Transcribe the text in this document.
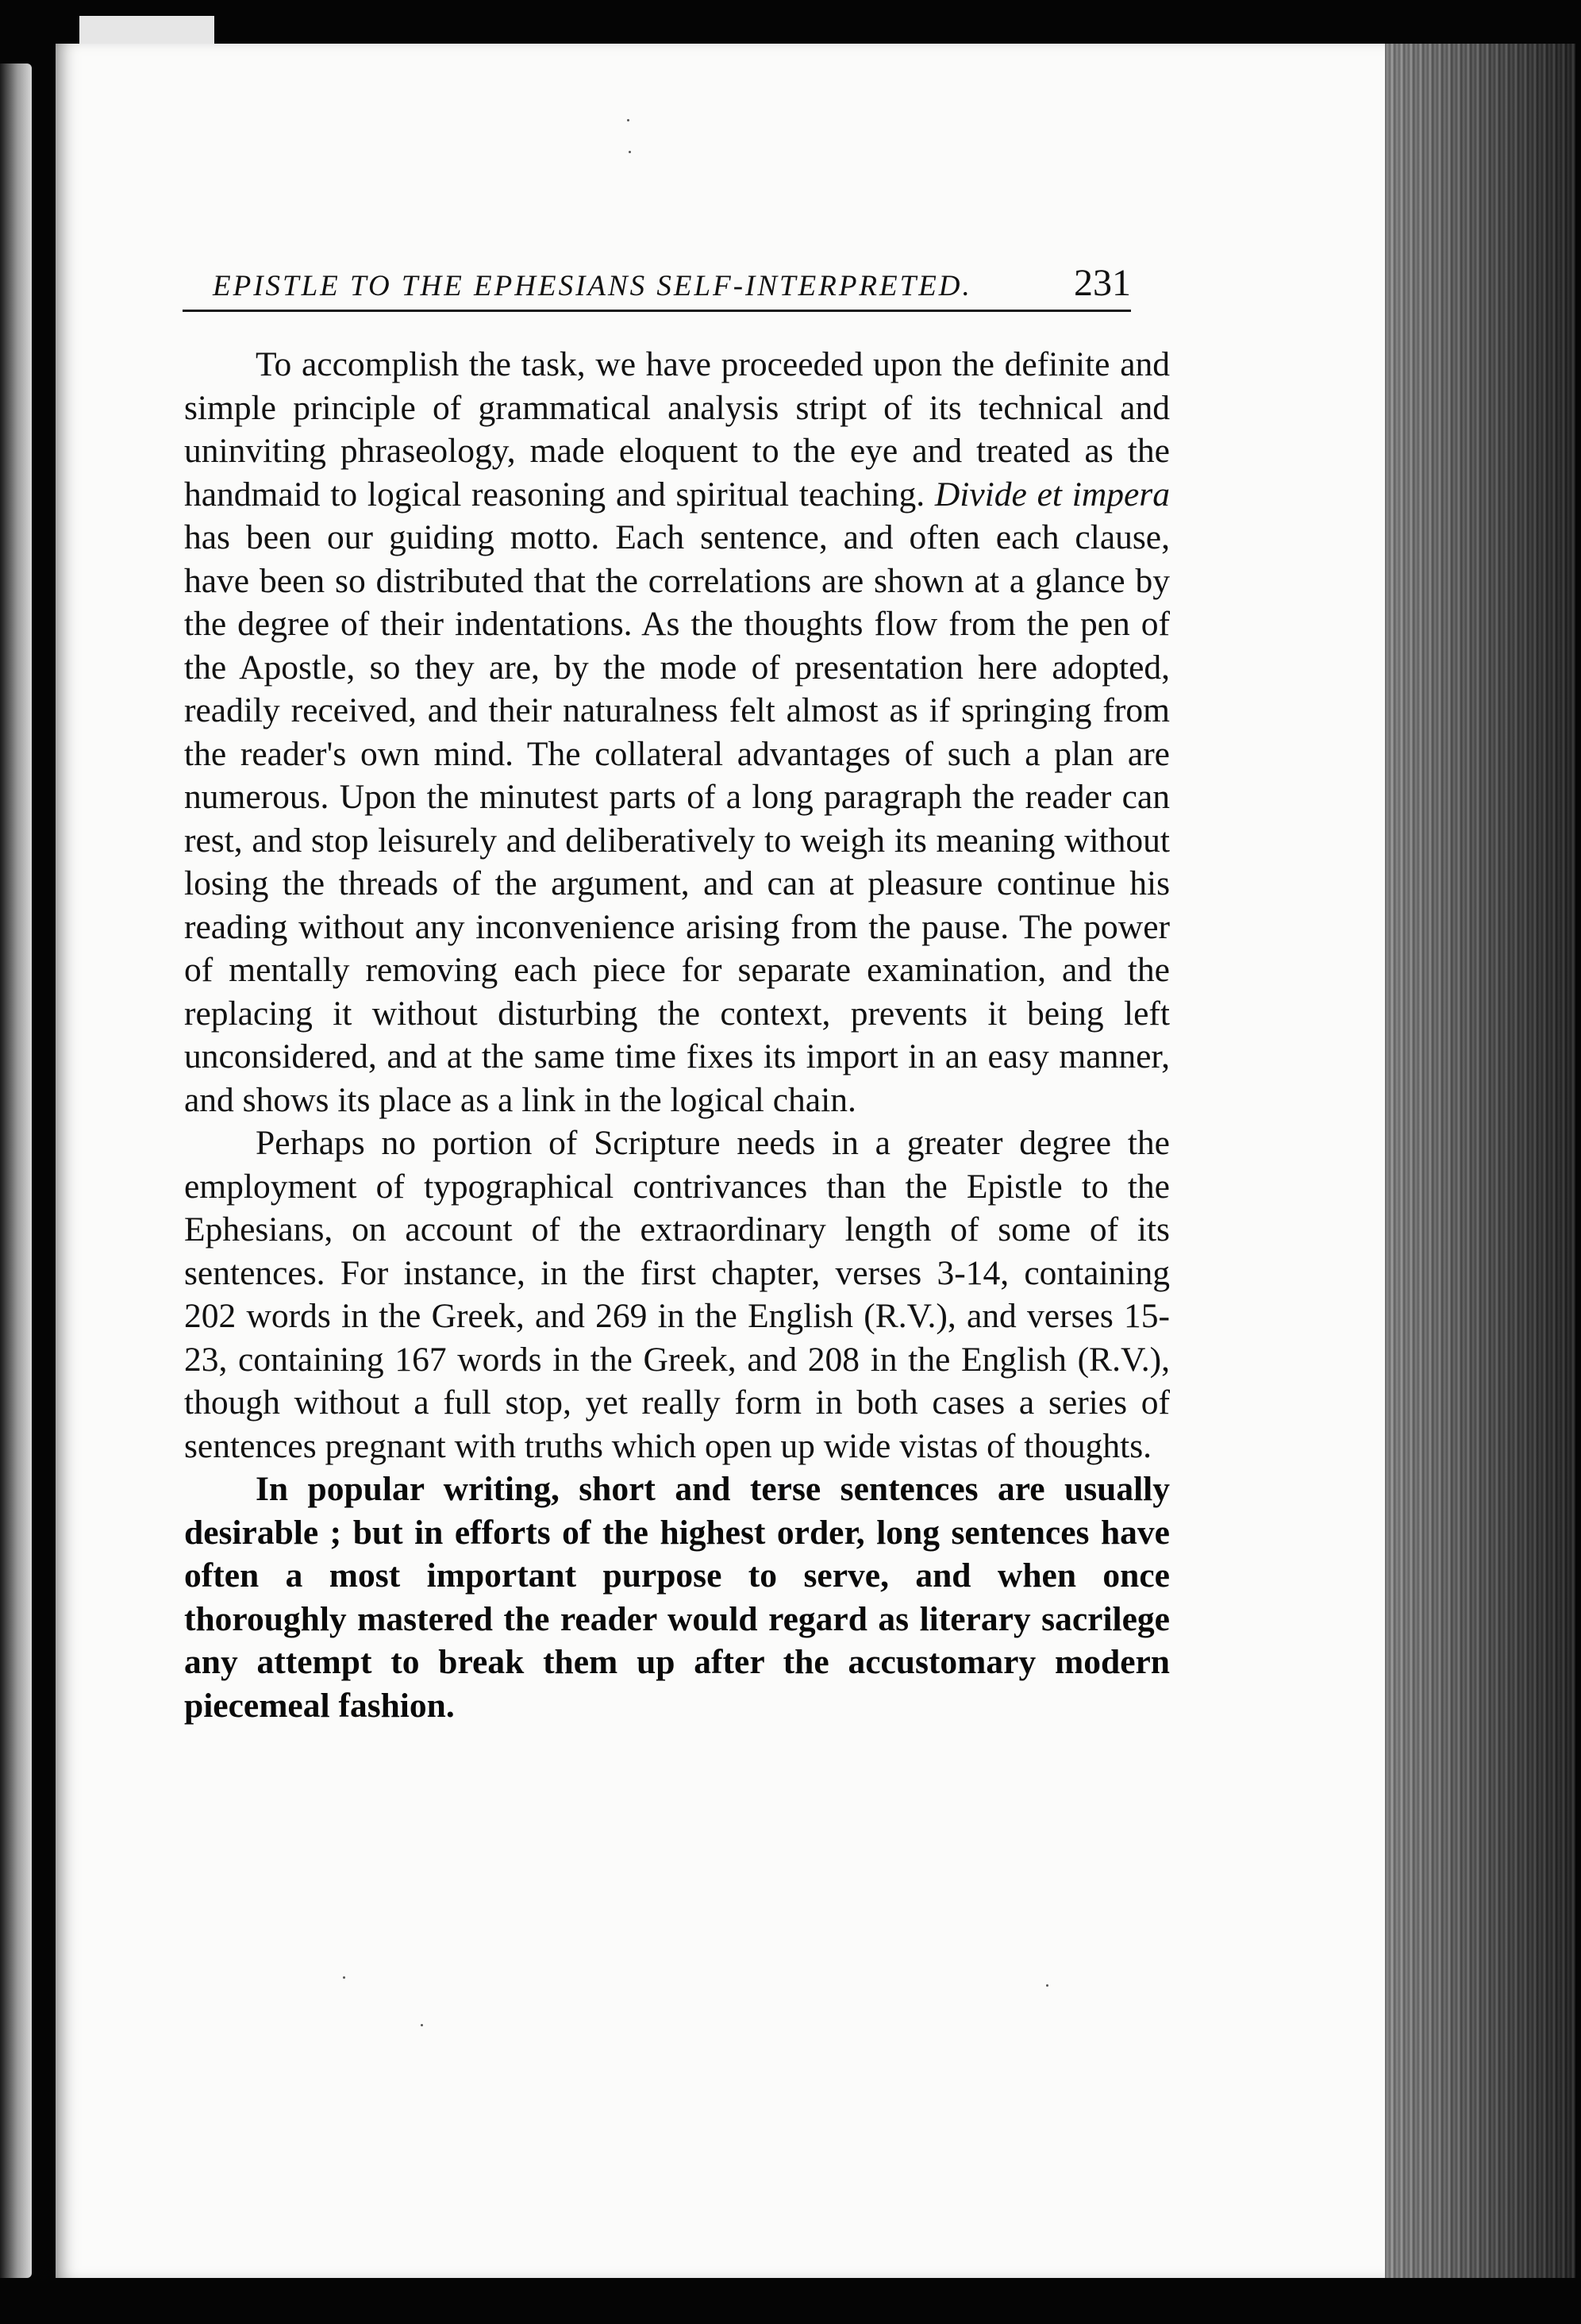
EPISTLE TO THE EPHESIANS SELF-INTERPRETED.	231

To accomplish the task, we have proceeded upon the definite and simple principle of grammatical analysis stript of its technical and uninviting phraseology, made eloquent to the eye and treated as the handmaid to logical reasoning and spiritual teaching. Divide et impera has been our guiding motto. Each sentence, and often each clause, have been so distributed that the correlations are shown at a glance by the degree of their indentations. As the thoughts flow from the pen of the Apostle, so they are, by the mode of presentation here adopted, readily received, and their naturalness felt almost as if springing from the reader's own mind. The collateral advantages of such a plan are numerous. Upon the minutest parts of a long paragraph the reader can rest, and stop leisurely and deliberatively to weigh its meaning without losing the threads of the argument, and can at pleasure continue his reading without any inconvenience arising from the pause. The power of mentally removing each piece for separate examination, and the replacing it without disturbing the context, prevents it being left unconsidered, and at the same time fixes its import in an easy manner, and shows its place as a link in the logical chain.

Perhaps no portion of Scripture needs in a greater degree the employment of typographical contrivances than the Epistle to the Ephesians, on account of the extraordinary length of some of its sentences. For instance, in the first chapter, verses 3-14, containing 202 words in the Greek, and 269 in the English (R.V.), and verses 15-23, containing 167 words in the Greek, and 208 in the English (R.V.), though without a full stop, yet really form in both cases a series of sentences pregnant with truths which open up wide vistas of thoughts.

In popular writing, short and terse sentences are usually desirable ; but in efforts of the highest order, long sentences have often a most important purpose to serve, and when once thoroughly mastered the reader would regard as literary sacrilege any attempt to break them up after the accustomary modern piecemeal fashion.
